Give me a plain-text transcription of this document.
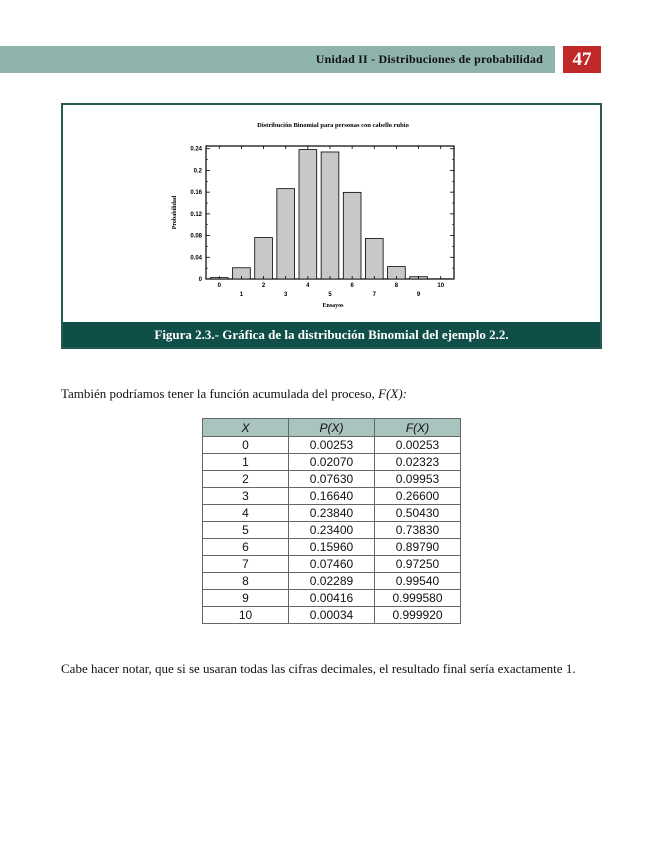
Unidad II - Distribuciones de probabilidad	47
Distribución Binomial para personas con cabello rubio
0
0.04
0.08
0.12
0.16
0.2
0.24
0
1
2
3
4
5
6
7
8
9
10
Ensayos
Probabilidad
Figura 2.3.- Gráfica de la distribución Binomial del ejemplo 2.2.
También podríamos tener la función acumulada del proceso, F(X):
X	P(X)	F(X)
0	0.00253	0.00253
1	0.02070	0.02323
2	0.07630	0.09953
3	0.16640	0.26600
4	0.23840	0.50430
5	0.23400	0.73830
6	0.15960	0.89790
7	0.07460	0.97250
8	0.02289	0.99540
9	0.00416	0.999580
10	0.00034	0.999920
Cabe hacer notar, que si se usaran todas las cifras decimales, el resultado final sería exactamente 1.
